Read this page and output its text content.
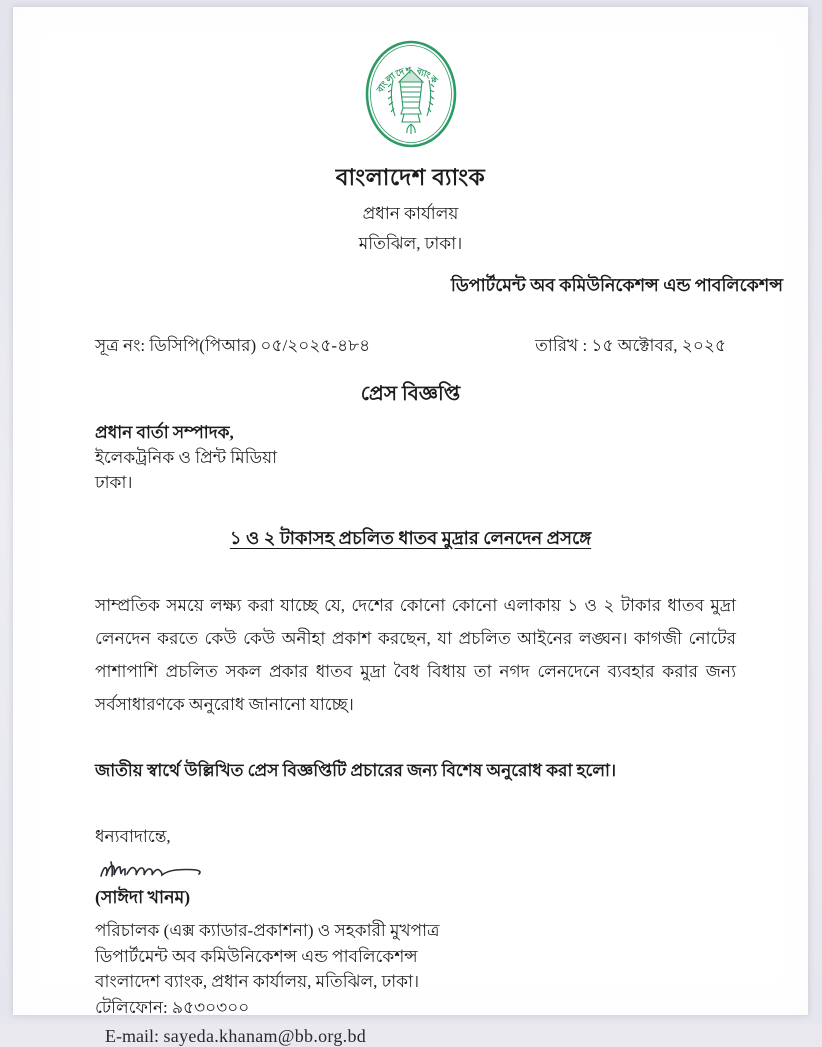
বাংলাদেশ ব্যাংক
বাংলাদেশ ব্যাংক
প্রধান কার্যালয়
মতিঝিল, ঢাকা।
ডিপার্টমেন্ট অব কমিউনিকেশন্স এন্ড পাবলিকেশন্স
সূত্র নং: ডিসিপি(পিআর) ০৫/২০২৫-৪৮৪	তারিখ : ১৫ অক্টোবর, ২০২৫
প্রেস বিজ্ঞপ্তি
প্রধান বার্তা সম্পাদক,
ইলেকট্রনিক ও প্রিন্ট মিডিয়া
ঢাকা।
১ ও ২ টাকাসহ প্রচলিত ধাতব মুদ্রার লেনদেন প্রসঙ্গে
সাম্প্রতিক সময়ে লক্ষ্য করা যাচ্ছে যে, দেশের কোনো কোনো এলাকায় ১ ও ২ টাকার ধাতব মুদ্রা লেনদেন করতে কেউ কেউ অনীহা প্রকাশ করছেন, যা প্রচলিত আইনের লঙ্ঘন। কাগজী নোটের পাশাপাশি প্রচলিত সকল প্রকার ধাতব মুদ্রা বৈধ বিধায় তা নগদ লেনদেনে ব্যবহার করার জন্য সর্বসাধারণকে অনুরোধ জানানো যাচ্ছে।
জাতীয় স্বার্থে উল্লিখিত প্রেস বিজ্ঞপ্তিটি প্রচারের জন্য বিশেষ অনুরোধ করা হলো।
ধন্যবাদান্তে,
(সাঈদা খানম)
পরিচালক (এক্স ক্যাডার-প্রকাশনা) ও সহকারী মুখপাত্র
ডিপার্টমেন্ট অব কমিউনিকেশন্স এন্ড পাবলিকেশন্স
বাংলাদেশ ব্যাংক, প্রধান কার্যালয়, মতিঝিল, ঢাকা।
টেলিফোন: ৯৫৩০৩০০
E-mail: sayeda.khanam@bb.org.bd
